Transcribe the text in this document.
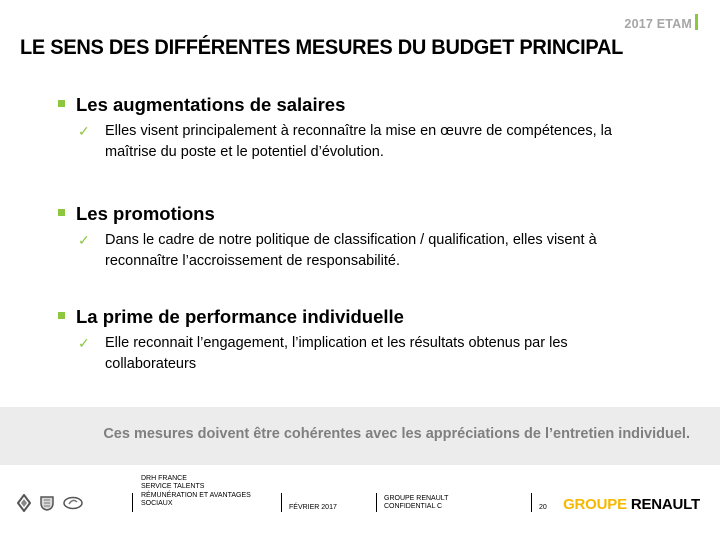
2017 ETAM
LE SENS DES DIFFÉRENTES MESURES DU BUDGET PRINCIPAL
Les augmentations de salaires
✓ Elles visent principalement à reconnaître la mise en œuvre de compétences, la
maîtrise du poste et le potentiel d’évolution.
Les promotions
✓ Dans le cadre de notre politique de classification / qualification, elles visent à
reconnaître l’accroissement de responsabilité.
La prime de performance individuelle
✓ Elle reconnait l’engagement, l’implication et les résultats obtenus par les
collaborateurs
Ces mesures doivent être cohérentes avec les appréciations de l’entretien individuel.
DRH FRANCE
SERVICE TALENTS
RÉMUNÉRATION ET AVANTAGES
SOCIAUX
FÉVRIER 2017
GROUPE RENAULT
CONFIDENTIAL C	20 GROUPE RENAULT
